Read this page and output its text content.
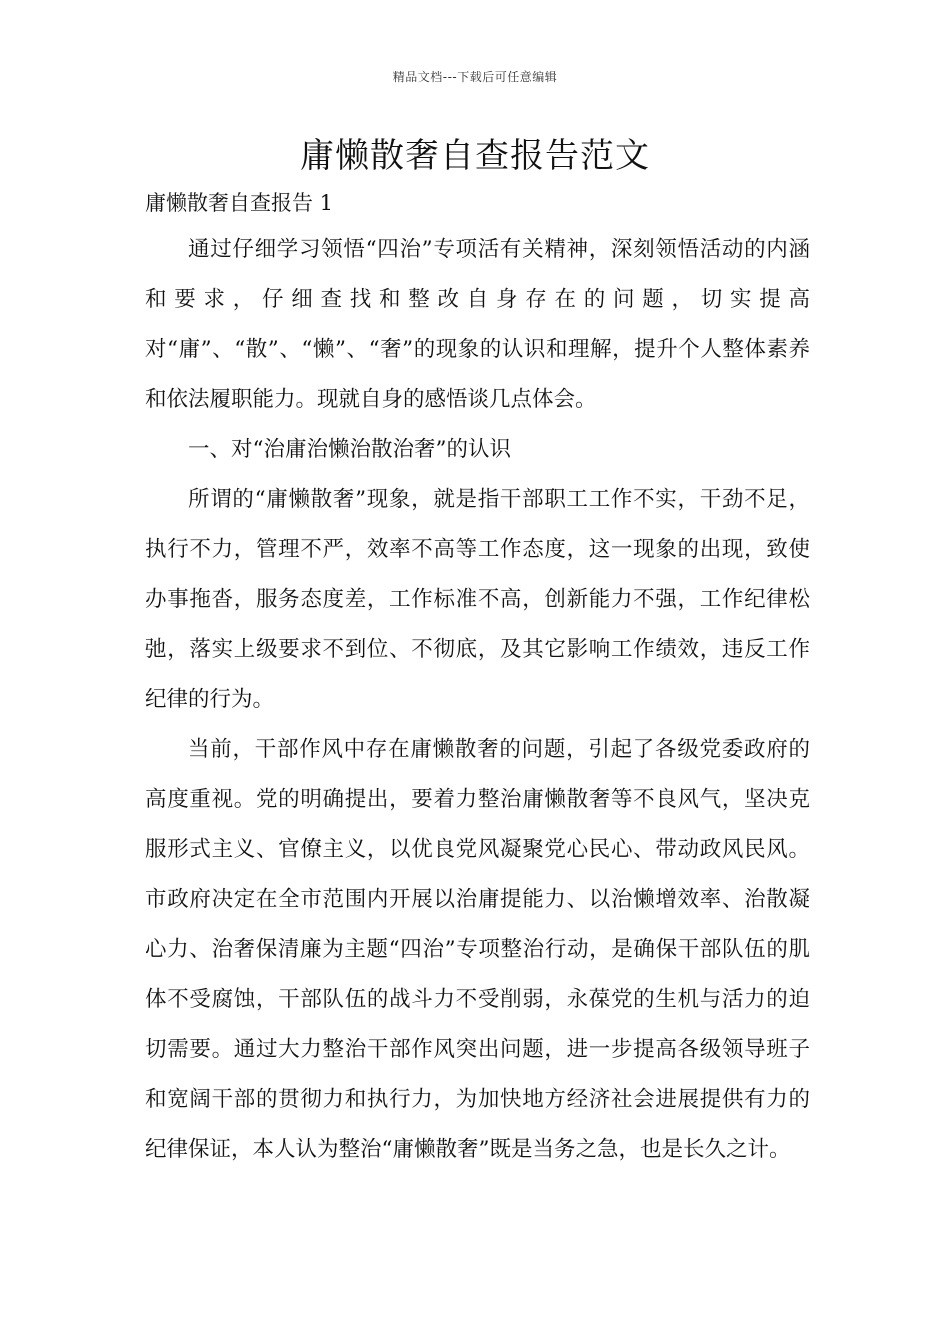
精品文档---下载后可任意编辑
庸懒散奢自查报告范文
庸懒散奢自查报告 1

通过仔细学习领悟“四治”专项活有关精神，深刻领悟活动的内涵和要求，仔细查找和整改自身存在的问题，切实提高对“庸”、“散”、“懒”、“奢”的现象的认识和理解，提升个人整体素养和依法履职能力。现就自身的感悟谈几点体会。

一、对“治庸治懒治散治奢”的认识

所谓的“庸懒散奢”现象，就是指干部职工工作不实，干劲不足，执行不力，管理不严，效率不高等工作态度，这一现象的出现，致使办事拖沓，服务态度差，工作标准不高，创新能力不强，工作纪律松弛，落实上级要求不到位、不彻底，及其它影响工作绩效，违反工作纪律的行为。

当前，干部作风中存在庸懒散奢的问题，引起了各级党委政府的高度重视。党的明确提出，要着力整治庸懒散奢等不良风气，坚决克服形式主义、官僚主义，以优良党风凝聚党心民心、带动政风民风。市政府决定在全市范围内开展以治庸提能力、以治懒增效率、治散凝心力、治奢保清廉为主题“四治”专项整治行动，是确保干部队伍的肌体不受腐蚀，干部队伍的战斗力不受削弱，永葆党的生机与活力的迫切需要。通过大力整治干部作风突出问题，进一步提高各级领导班子和宽阔干部的贯彻力和执行力，为加快地方经济社会进展提供有力的纪律保证，本人认为整治“庸懒散奢”既是当务之急，也是长久之计。
